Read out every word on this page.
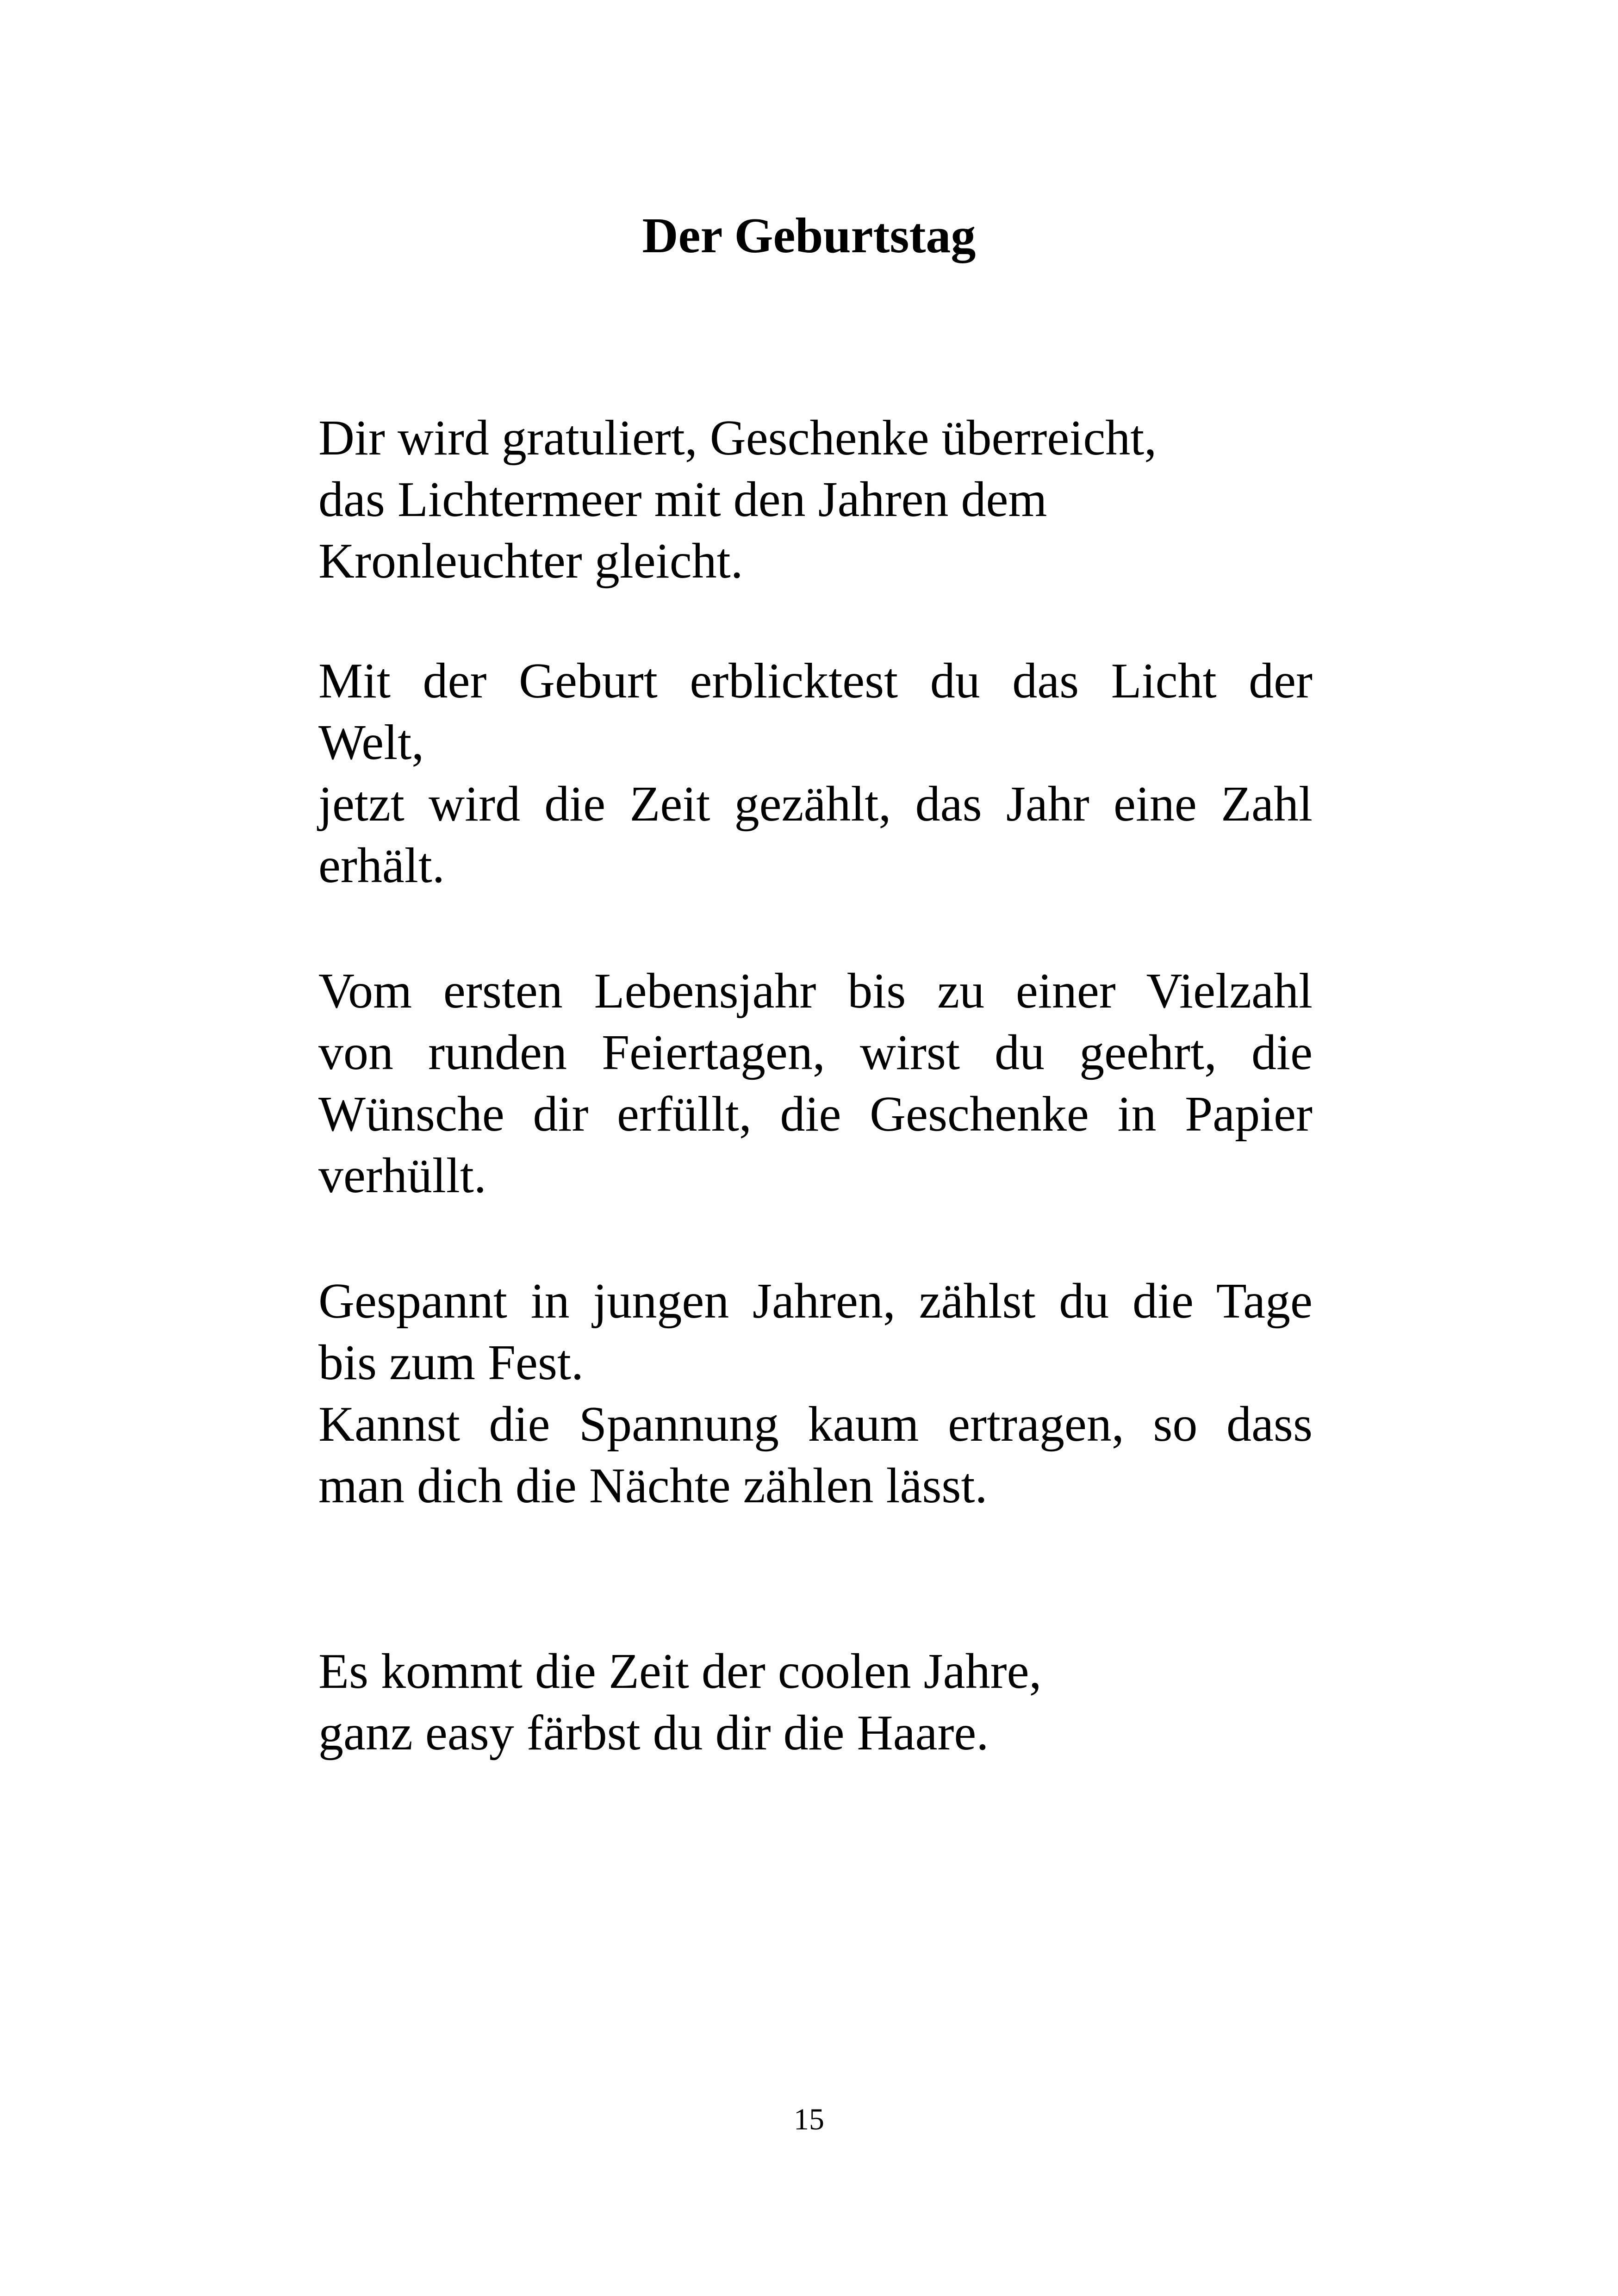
Der Geburtstag
Dir wird gratuliert, Geschenke überreicht,
das Lichtermeer mit den Jahren dem
Kronleuchter gleicht.
Mit der Geburt erblicktest du das Licht der
Welt,
jetzt wird die Zeit gezählt, das Jahr eine Zahl
erhält.
Vom ersten Lebensjahr bis zu einer Vielzahl
von runden Feiertagen, wirst du geehrt, die
Wünsche dir erfüllt, die Geschenke in Papier
verhüllt.
Gespannt in jungen Jahren, zählst du die Tage
bis zum Fest.
Kannst die Spannung kaum ertragen, so dass
man dich die Nächte zählen lässt.
Es kommt die Zeit der coolen Jahre,
ganz easy färbst du dir die Haare.
15
